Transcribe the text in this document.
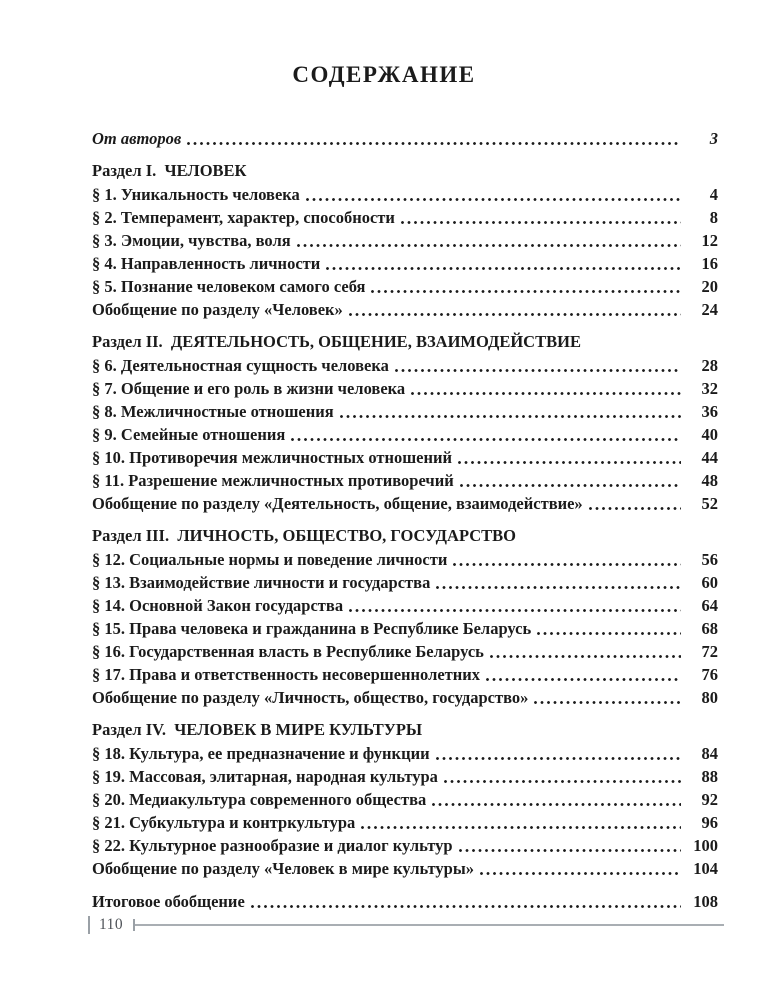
СОДЕРЖАНИЕ
От авторов	3
Раздел I.  ЧЕЛОВЕК
§ 1. Уникальность человека	4
§ 2. Темперамент, характер, способности	8
§ 3. Эмоции, чувства, воля	12
§ 4. Направленность личности	16
§ 5. Познание человеком самого себя	20
Обобщение по разделу «Человек»	24
Раздел II.  ДЕЯТЕЛЬНОСТЬ, ОБЩЕНИЕ, ВЗАИМОДЕЙСТВИЕ
§ 6. Деятельностная сущность человека	28
§ 7. Общение и его роль в жизни человека	32
§ 8. Межличностные отношения	36
§ 9. Семейные отношения	40
§ 10. Противоречия межличностных отношений	44
§ 11. Разрешение межличностных противоречий	48
Обобщение по разделу «Деятельность, общение, взаимодействие»	52
Раздел III.  ЛИЧНОСТЬ, ОБЩЕСТВО, ГОСУДАРСТВО
§ 12. Социальные нормы и поведение личности	56
§ 13. Взаимодействие личности и государства	60
§ 14. Основной Закон государства	64
§ 15. Права человека и гражданина в Республике Беларусь	68
§ 16. Государственная власть в Республике Беларусь	72
§ 17. Права и ответственность несовершеннолетних	76
Обобщение по разделу «Личность, общество, государство»	80
Раздел IV.  ЧЕЛОВЕК В МИРЕ КУЛЬТУРЫ
§ 18. Культура, ее предназначение и функции	84
§ 19. Массовая, элитарная, народная культура	88
§ 20. Медиакультура современного общества	92
§ 21. Субкультура и контркультура	96
§ 22. Культурное разнообразие и диалог культур	100
Обобщение по разделу «Человек в мире культуры»	104
Итоговое обобщение	108
110
